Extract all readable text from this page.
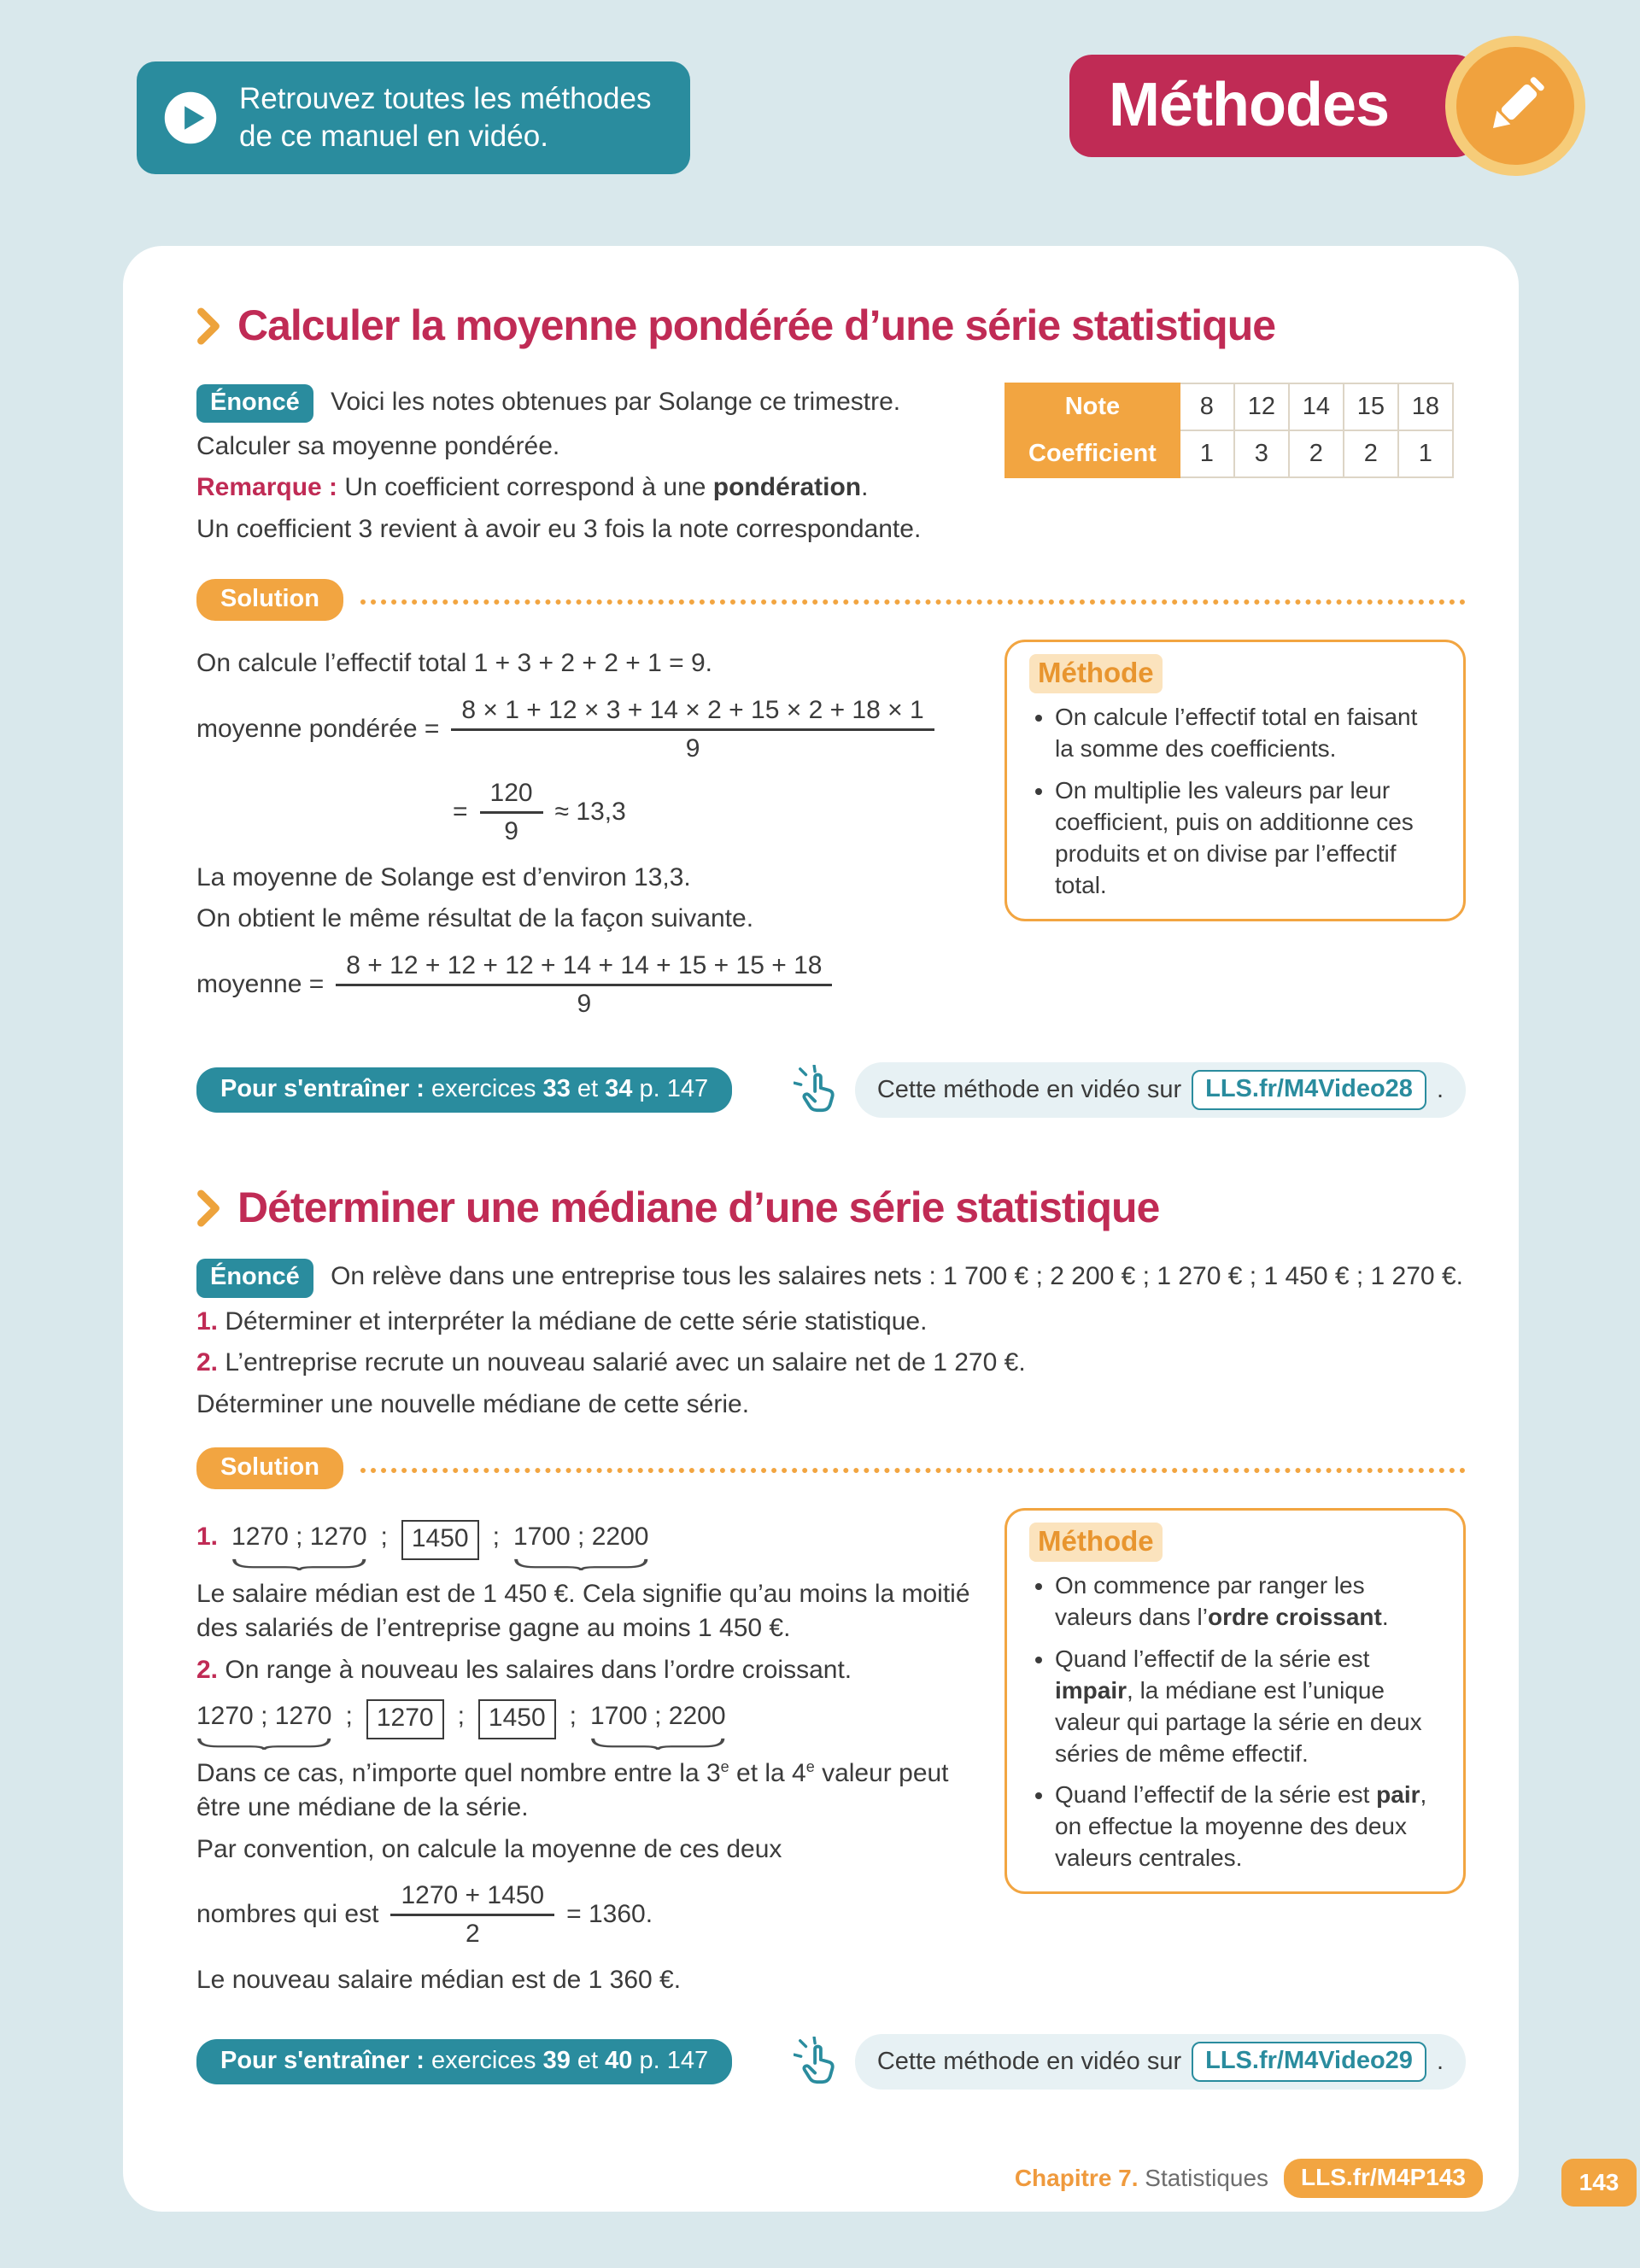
Retrouvez toutes les méthodes
de ce manuel en vidéo.	Méthodes
Calculer la moyenne pondérée d’une série statistique

Énoncé Voici les notes obtenues par Solange ce trimestre.

Calculer sa moyenne pondérée.

Remarque : Un coefficient correspond à une pondération.

Un coefficient 3 revient à avoir eu 3 fois la note correspondante.

Note	8	12	14	15	18
Coefficient	1	3	2	2	1
Solution

On calcule l’effectif total 1 + 3 + 2 + 2 + 1 = 9.

moyenne pondérée = $\frac{8 \times 1 + 12 \times 3 + 14 \times 2 + 15 \times 2 + 18 \times 1}{9}$
= $\frac{120}{9} \approx 13,3$

La moyenne de Solange est d’environ 13,3.

On obtient le même résultat de la façon suivante.

moyenne = $\frac{8 + 12 + 12 + 12 + 14 + 14 + 15 + 15 + 18}{9}$
Méthode
• On calcule l’effectif total en faisant la somme des coefficients.
• On multiplie les valeurs par leur coefficient, puis on additionne ces produits et on divise par l’effectif total.
Pour s'entraîner : exercices 33 et 34 p. 147	Cette méthode en vidéo sur LLS.fr/M4Video28 .
Déterminer une médiane d’une série statistique

Énoncé On relève dans une entreprise tous les salaires nets : 1 700 € ; 2 200 € ; 1 270 € ; 1 450 € ; 1 270 €.

1. Déterminer et interpréter la médiane de cette série statistique.

2. L’entreprise recrute un nouveau salarié avec un salaire net de 1 270 €.

Déterminer une nouvelle médiane de cette série.

Solution
1. 1270 ; 1270 ; 1450 ; 1700 ; 2200

Le salaire médian est de 1 450 €. Cela signifie qu’au moins la moitié des salariés de l’entreprise gagne au moins 1 450 €.

2. On range à nouveau les salaires dans l’ordre croissant.

1270 ; 1270 ; 1270 ; 1450 ; 1700 ; 2200

Dans ce cas, n’importe quel nombre entre la 3e et la 4e valeur peut être une médiane de la série.

Par convention, on calcule la moyenne de ces deux

nombres qui est $\frac{1270 + 1450}{2} = 1360$.

Le nouveau salaire médian est de 1 360 €.

Méthode
• On commence par ranger les valeurs dans l’ordre croissant.
• Quand l’effectif de la série est impair, la médiane est l’unique valeur qui partage la série en deux séries de même effectif.
• Quand l’effectif de la série est pair, on effectue la moyenne des deux valeurs centrales.
Pour s'entraîner : exercices 39 et 40 p. 147	Cette méthode en vidéo sur LLS.fr/M4Video29 .
Chapitre 7. Statistiques	LLS.fr/M4P143	143
